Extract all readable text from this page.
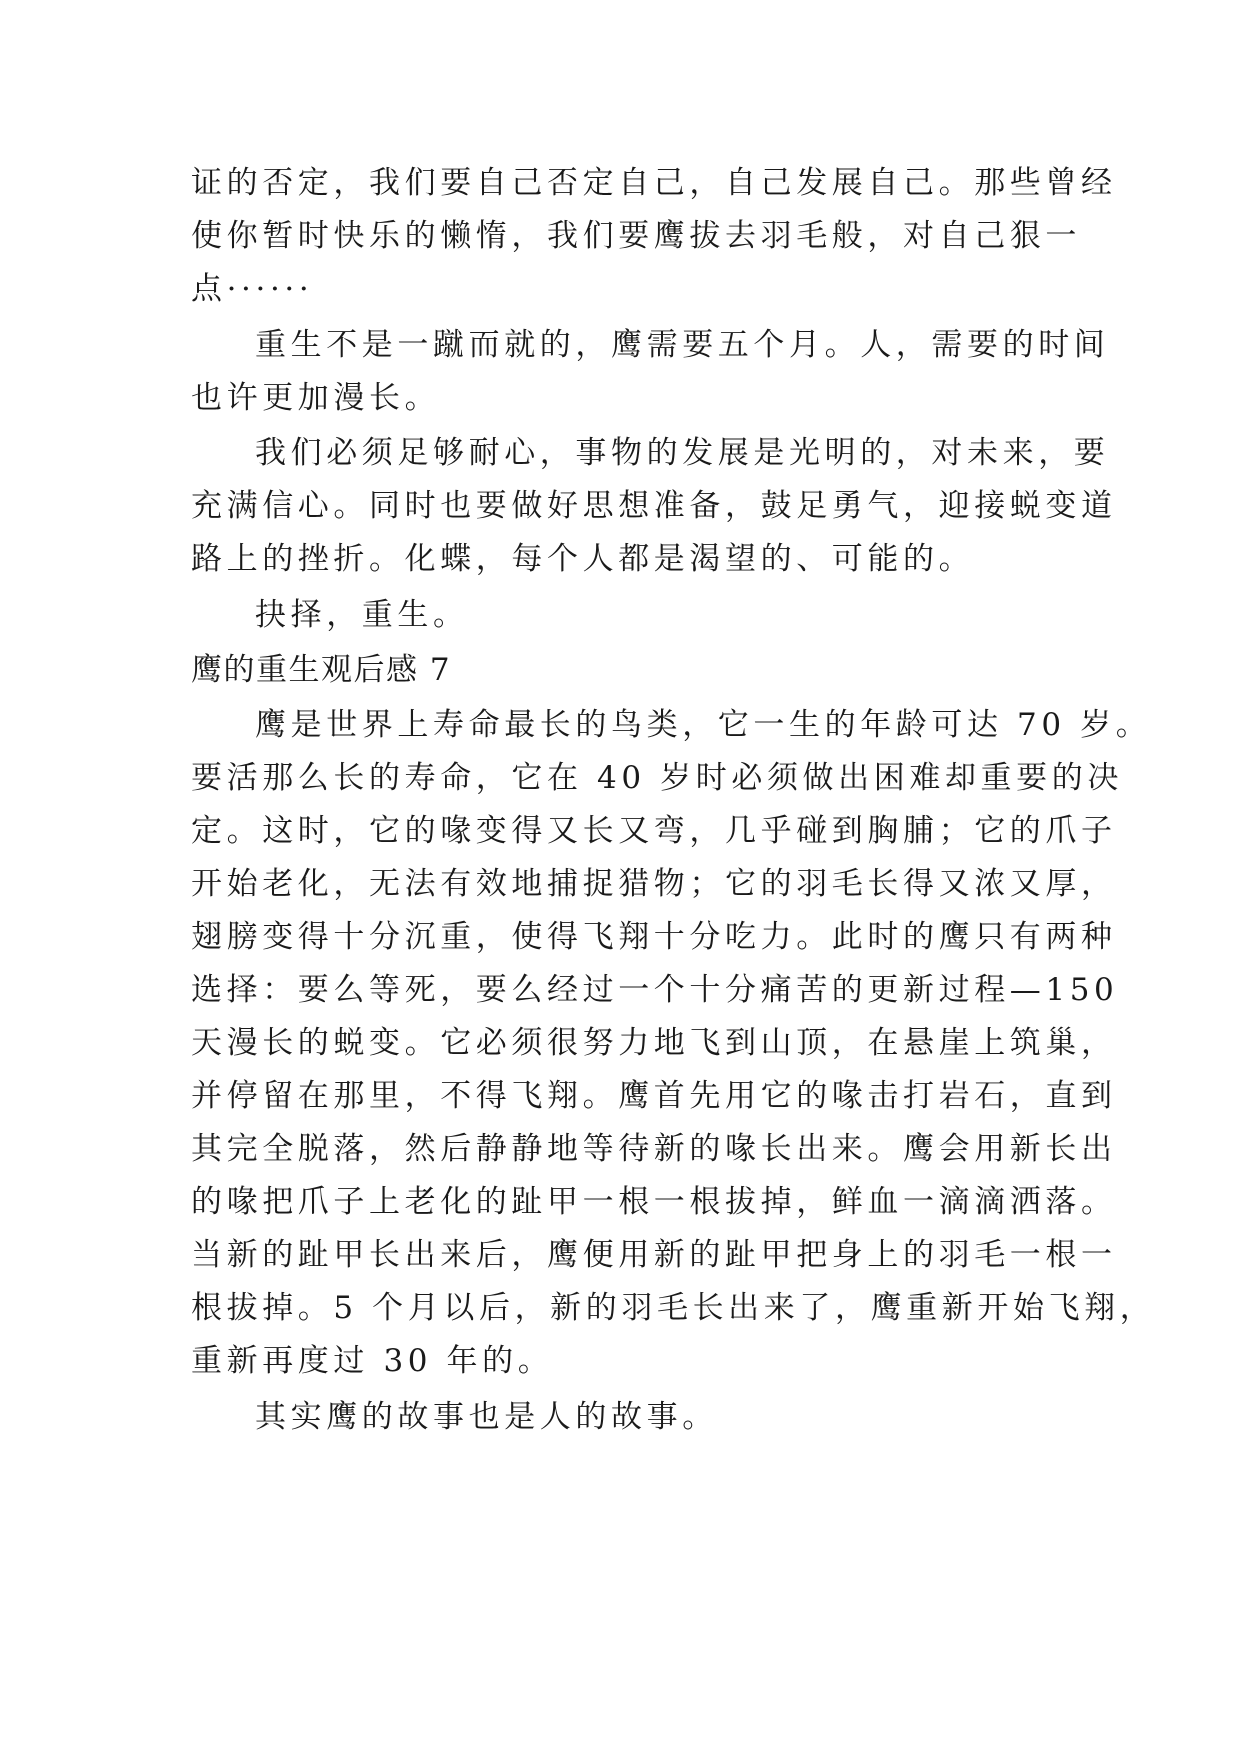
证的否定，我们要自己否定自己，自己发展自己。那些曾经
使你暂时快乐的懒惰，我们要鹰拔去羽毛般，对自己狠一
点······
重生不是一蹴而就的，鹰需要五个月。人，需要的时间
也许更加漫长。
我们必须足够耐心，事物的发展是光明的，对未来，要
充满信心。同时也要做好思想准备，鼓足勇气，迎接蜕变道
路上的挫折。化蝶，每个人都是渴望的、可能的。
抉择，重生。
鹰的重生观后感 7
鹰是世界上寿命最长的鸟类，它一生的年龄可达 70 岁。
要活那么长的寿命，它在 40 岁时必须做出困难却重要的决
定。这时，它的喙变得又长又弯，几乎碰到胸脯；它的爪子
开始老化，无法有效地捕捉猎物；它的羽毛长得又浓又厚，
翅膀变得十分沉重，使得飞翔十分吃力。此时的鹰只有两种
选择：要么等死，要么经过一个十分痛苦的更新过程—150
天漫长的蜕变。它必须很努力地飞到山顶，在悬崖上筑巢，
并停留在那里，不得飞翔。鹰首先用它的喙击打岩石，直到
其完全脱落，然后静静地等待新的喙长出来。鹰会用新长出
的喙把爪子上老化的趾甲一根一根拔掉，鲜血一滴滴洒落。
当新的趾甲长出来后，鹰便用新的趾甲把身上的羽毛一根一
根拔掉。5 个月以后，新的羽毛长出来了，鹰重新开始飞翔，
重新再度过 30 年的。
其实鹰的故事也是人的故事。
